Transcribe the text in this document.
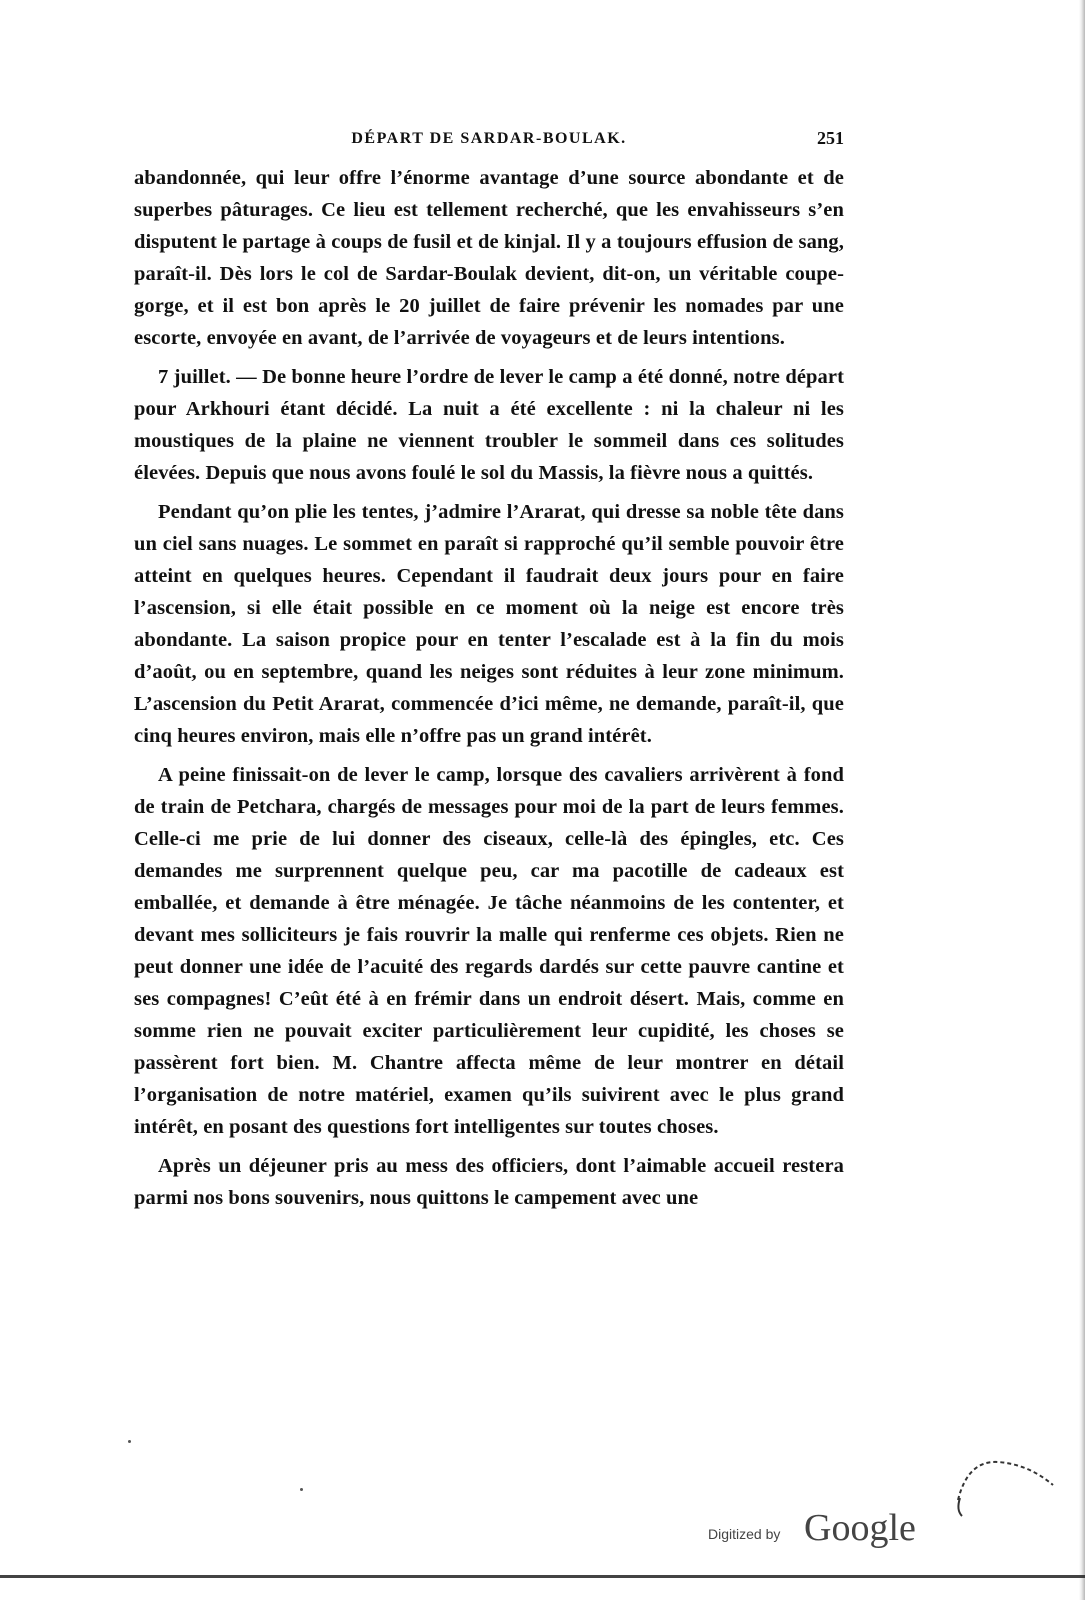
DÉPART DE SARDAR-BOULAK.	251

abandonnée, qui leur offre l’énorme avantage d’une source abondante et de superbes pâturages. Ce lieu est tellement recherché, que les envahisseurs s’en disputent le partage à coups de fusil et de kinjal. Il y a toujours effusion de sang, paraît-il. Dès lors le col de Sardar-Boulak devient, dit-on, un véritable coupe-gorge, et il est bon après le 20 juillet de faire prévenir les nomades par une escorte, envoyée en avant, de l’arrivée de voyageurs et de leurs intentions.

7 juillet. — De bonne heure l’ordre de lever le camp a été donné, notre départ pour Arkhouri étant décidé. La nuit a été excellente : ni la chaleur ni les moustiques de la plaine ne viennent troubler le sommeil dans ces solitudes élevées. Depuis que nous avons foulé le sol du Massis, la fièvre nous a quittés.

Pendant qu’on plie les tentes, j’admire l’Ararat, qui dresse sa noble tête dans un ciel sans nuages. Le sommet en paraît si rapproché qu’il semble pouvoir être atteint en quelques heures. Cependant il faudrait deux jours pour en faire l’ascension, si elle était possible en ce moment où la neige est encore très abondante. La saison propice pour en tenter l’escalade est à la fin du mois d’août, ou en septembre, quand les neiges sont réduites à leur zone minimum. L’ascension du Petit Ararat, commencée d’ici même, ne demande, paraît-il, que cinq heures environ, mais elle n’offre pas un grand intérêt.

A peine finissait-on de lever le camp, lorsque des cavaliers arrivèrent à fond de train de Petchara, chargés de messages pour moi de la part de leurs femmes. Celle-ci me prie de lui donner des ciseaux, celle-là des épingles, etc. Ces demandes me surprennent quelque peu, car ma pacotille de cadeaux est emballée, et demande à être ménagée. Je tâche néanmoins de les contenter, et devant mes solliciteurs je fais rouvrir la malle qui renferme ces objets. Rien ne peut donner une idée de l’acuité des regards dardés sur cette pauvre cantine et ses compagnes! C’eût été à en frémir dans un endroit désert. Mais, comme en somme rien ne pouvait exciter particulièrement leur cupidité, les choses se passèrent fort bien. M. Chantre affecta même de leur montrer en détail l’organisation de notre matériel, examen qu’ils suivirent avec le plus grand intérêt, en posant des questions fort intelligentes sur toutes choses.

Après un déjeuner pris au mess des officiers, dont l’aimable accueil restera parmi nos bons souvenirs, nous quittons le campement avec une

Digitized by Google
